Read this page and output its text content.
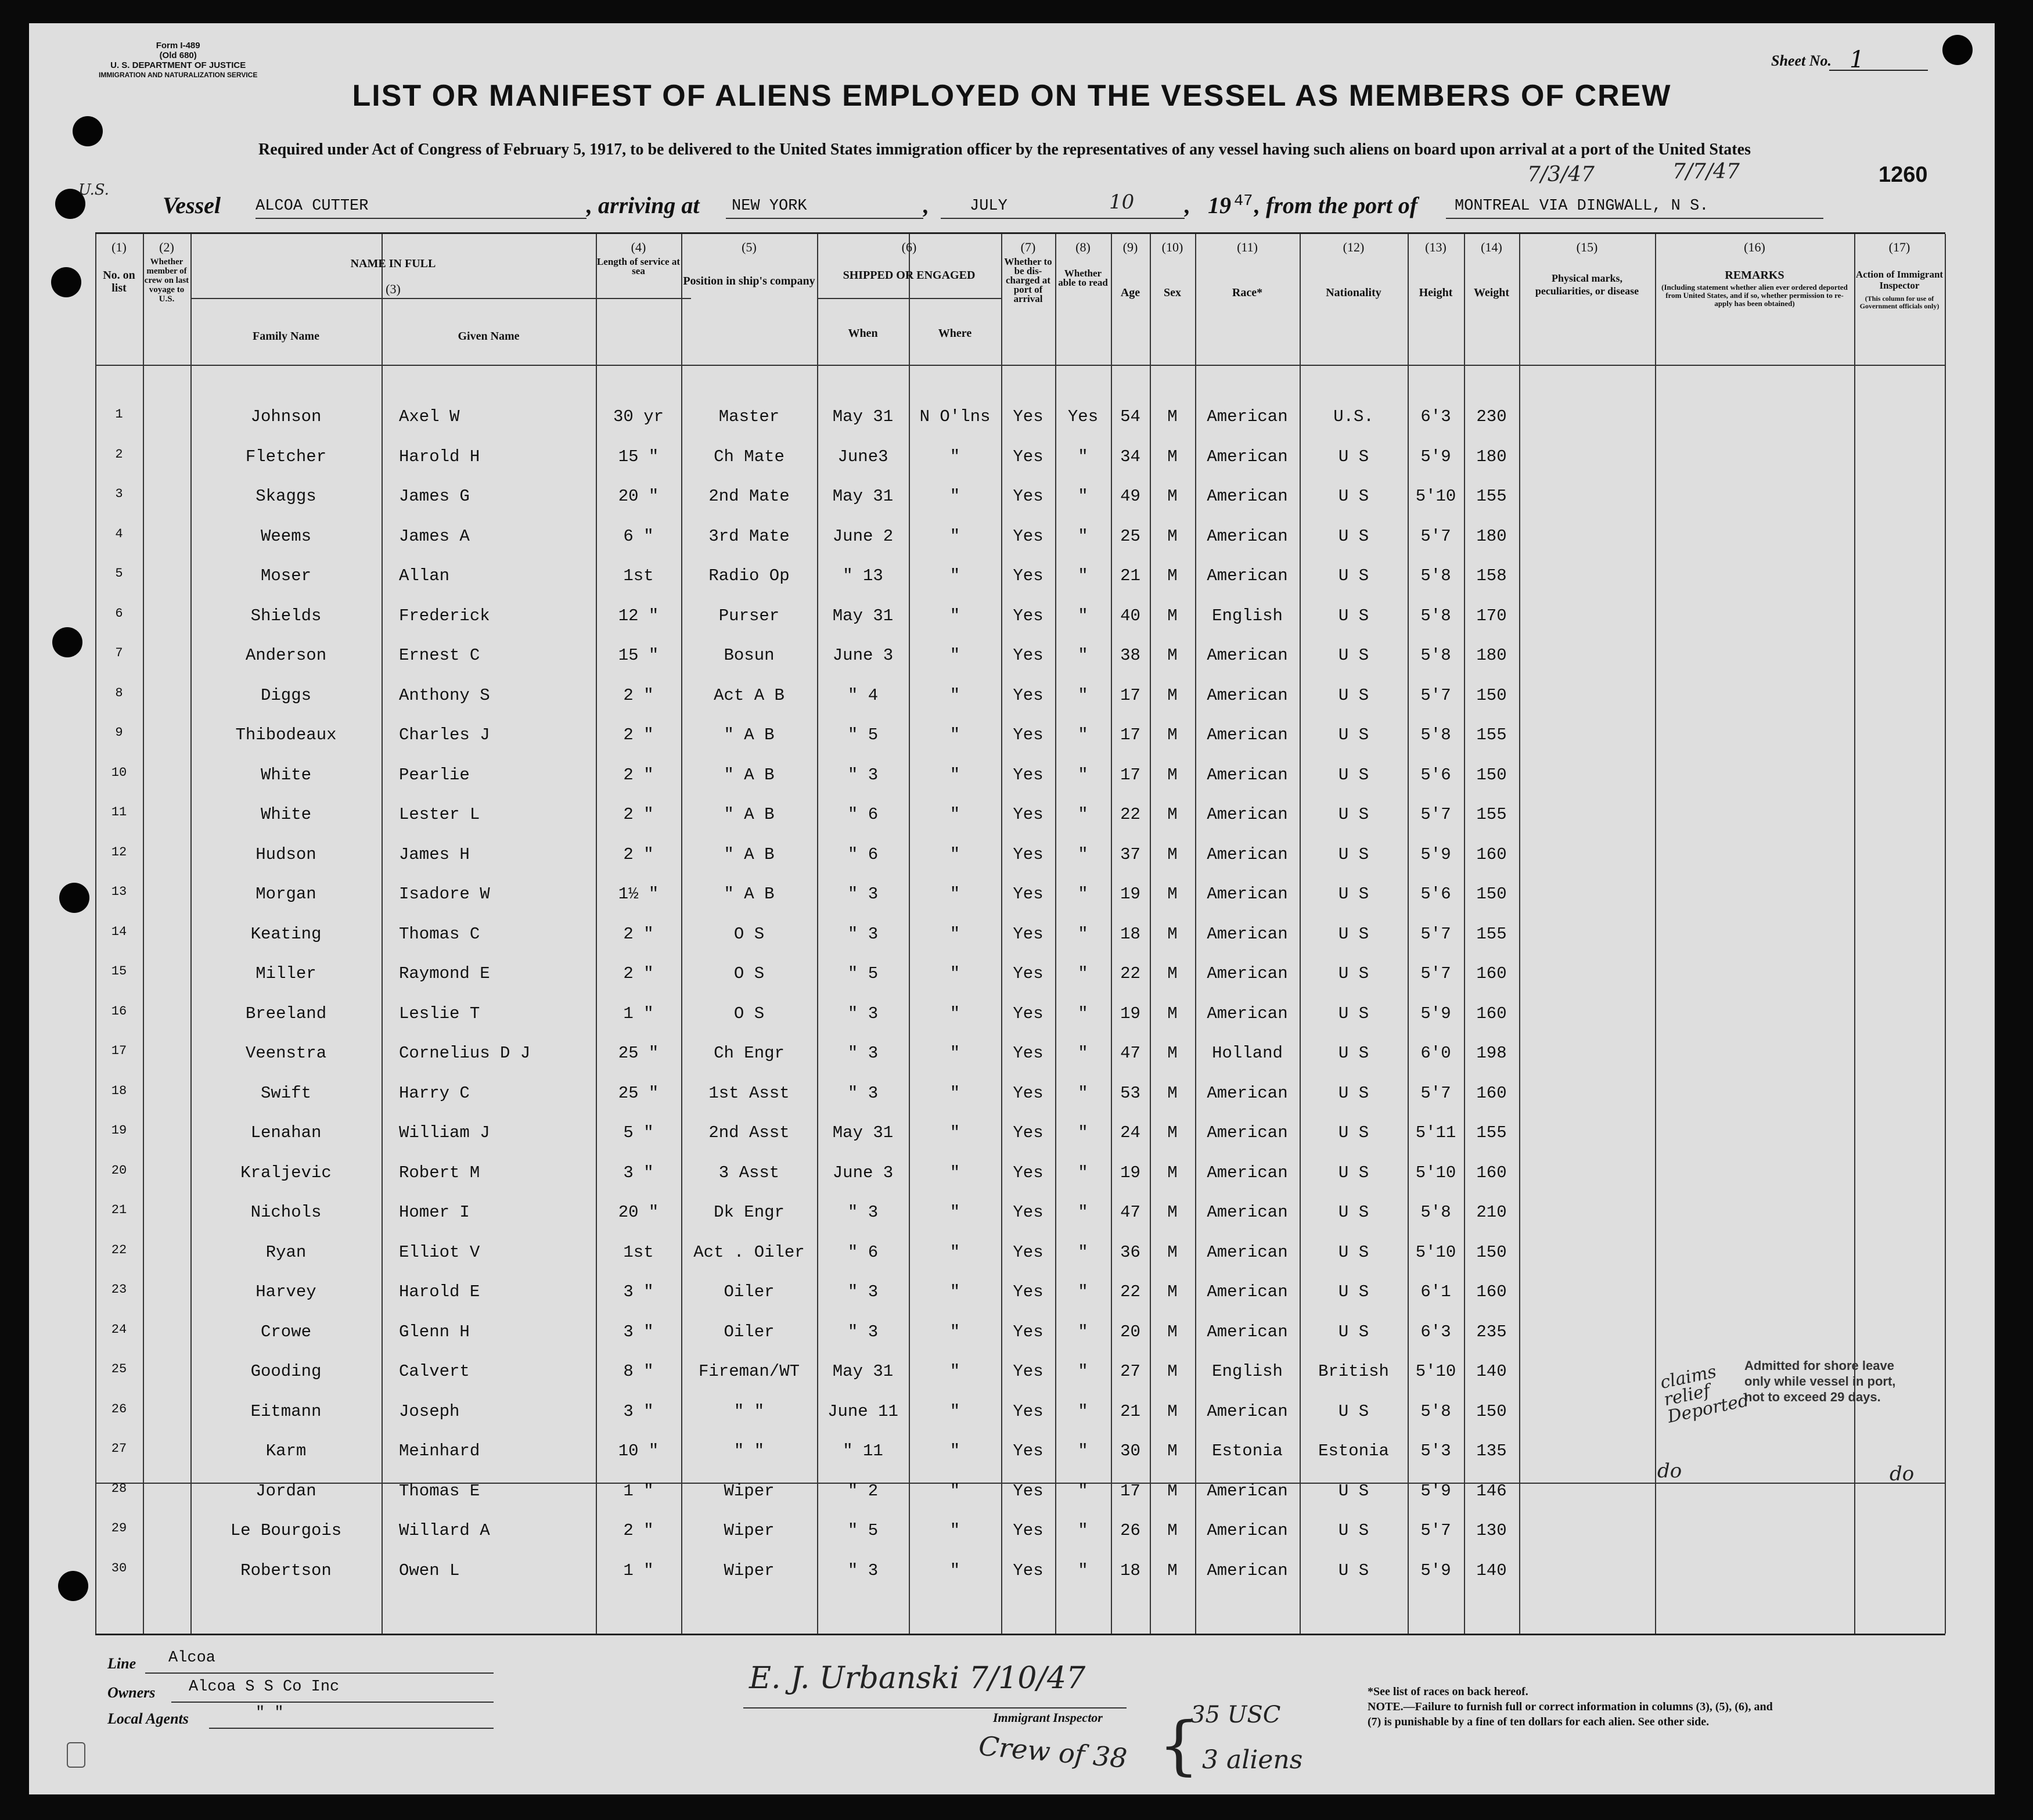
Form I-489
(Old 680)
U. S. DEPARTMENT OF JUSTICE
IMMIGRATION AND NATURALIZATION SERVICE
Sheet No. 1
LIST OR MANIFEST OF ALIENS EMPLOYED ON THE VESSEL AS MEMBERS OF CREW
Required under Act of Congress of February 5, 1917, to be delivered to the United States immigration officer by the representatives of any vessel having such aliens on board upon arrival at a port of the United States
U.S.
Vessel ALCOA CUTTER	, arriving at NEW YORK	,	JULY	10 , 19 47 , from the port of MONTREAL VIA DINGWALL, N S.
7/3/47	7/7/47	1260
(1)	(2)
(3)
(4)	(5)	(6)	(7)	(8)	(9)	(10)	(11)	(12)	(13)	(14)	(15)	(16)	(17)
No. on list
Whether member of crew on last voyage to U.S.
NAME IN FULL
Family Name	Given Name
Length of service at sea
Position in ship's company	SHIPPED OR ENGAGED
When	Where
Whether to be dis-charged at port of arrival
Whether able to read
Age	Sex	Race*	Nationality	Height	Weight
Physical marks, peculiarities, or disease
REMARKS
(Including statement whether alien ever ordered deported from United States, and if so, whether permission to re-apply has been obtained)
Action of Immigrant Inspector
(This column for use of Government officials only)
1	Johnson	Axel W	30 yr	Master	May 31	N O'lns	Yes	Yes	54	M	American	U.S.	6'3	230
2	Fletcher	Harold H	15 "	Ch Mate	June3	"	Yes	"	34	M	American	U S	5'9	180
3	Skaggs	James G	20 "	2nd Mate	May 31	"	Yes	"	49	M	American	U S	5'10	155
4	Weems	James A	6 "	3rd Mate	June 2	"	Yes	"	25	M	American	U S	5'7	180
5	Moser	Allan	1st	Radio Op	" 13	"	Yes	"	21	M	American	U S	5'8	158
6	Shields	Frederick	12 "	Purser	May 31	"	Yes	"	40	M	English	U S	5'8	170
7	Anderson	Ernest C	15 "	Bosun	June 3	"	Yes	"	38	M	American	U S	5'8	180
8	Diggs	Anthony S	2 "	Act A B	" 4	"	Yes	"	17	M	American	U S	5'7	150
9	Thibodeaux	Charles J	2 "	" A B	" 5	"	Yes	"	17	M	American	U S	5'8	155
10	White	Pearlie	2 "	" A B	" 3	"	Yes	"	17	M	American	U S	5'6	150
11	White	Lester L	2 "	" A B	" 6	"	Yes	"	22	M	American	U S	5'7	155
12	Hudson	James H	2 "	" A B	" 6	"	Yes	"	37	M	American	U S	5'9	160
13	Morgan	Isadore W	1½ "	" A B	" 3	"	Yes	"	19	M	American	U S	5'6	150
14	Keating	Thomas C	2 "	O S	" 3	"	Yes	"	18	M	American	U S	5'7	155
15	Miller	Raymond E	2 "	O S	" 5	"	Yes	"	22	M	American	U S	5'7	160
16	Breeland	Leslie T	1 "	O S	" 3	"	Yes	"	19	M	American	U S	5'9	160
17	Veenstra	Cornelius D J	25 "	Ch Engr	" 3	"	Yes	"	47	M	Holland	U S	6'0	198
18	Swift	Harry C	25 "	1st Asst	" 3	"	Yes	"	53	M	American	U S	5'7	160
19	Lenahan	William J	5 "	2nd Asst	May 31	"	Yes	"	24	M	American	U S	5'11	155
20	Kraljevic	Robert M	3 "	3 Asst	June 3	"	Yes	"	19	M	American	U S	5'10	160
21	Nichols	Homer I	20 "	Dk Engr	" 3	"	Yes	"	47	M	American	U S	5'8	210
22	Ryan	Elliot V	1st	Act . Oiler	" 6	"	Yes	"	36	M	American	U S	5'10	150
23	Harvey	Harold E	3 "	Oiler	" 3	"	Yes	"	22	M	American	U S	6'1	160
24	Crowe	Glenn H	3 "	Oiler	" 3	"	Yes	"	20	M	American	U S	6'3	235
25	Gooding	Calvert	8 "	Fireman/WT	May 31	"	Yes	"	27	M	English	British	5'10	140
26	Eitmann	Joseph	3 "	" "	June 11	"	Yes	"	21	M	American	U S	5'8	150
27	Karm	Meinhard	10 "	" "	" 11	"	Yes	"	30	M	Estonia	Estonia	5'3	135
28	Jordan	Thomas E	1 "	Wiper	" 2	"	Yes	"	17	M	American	U S	5'9	146
29	Le Bourgois	Willard A	2 "	Wiper	" 5	"	Yes	"	26	M	American	U S	5'7	130
30	Robertson	Owen L	1 "	Wiper	" 3	"	Yes	"	18	M	American	U S	5'9	140
Admitted for shore leave only while vessel in port, not to exceed 29 days.
claims relief Deported
do	do
Line Alcoa
Owners Alcoa S S Co Inc
Local Agents	" "
E. J. Urbanski 7/10/47
Immigrant Inspector
Crew of 38 {
35 USC
3 aliens
*See list of races on back hereof.
NOTE.—Failure to furnish full or correct information in columns (3), (5), (6), and (7) is punishable by a fine of ten dollars for each alien. See other side.
